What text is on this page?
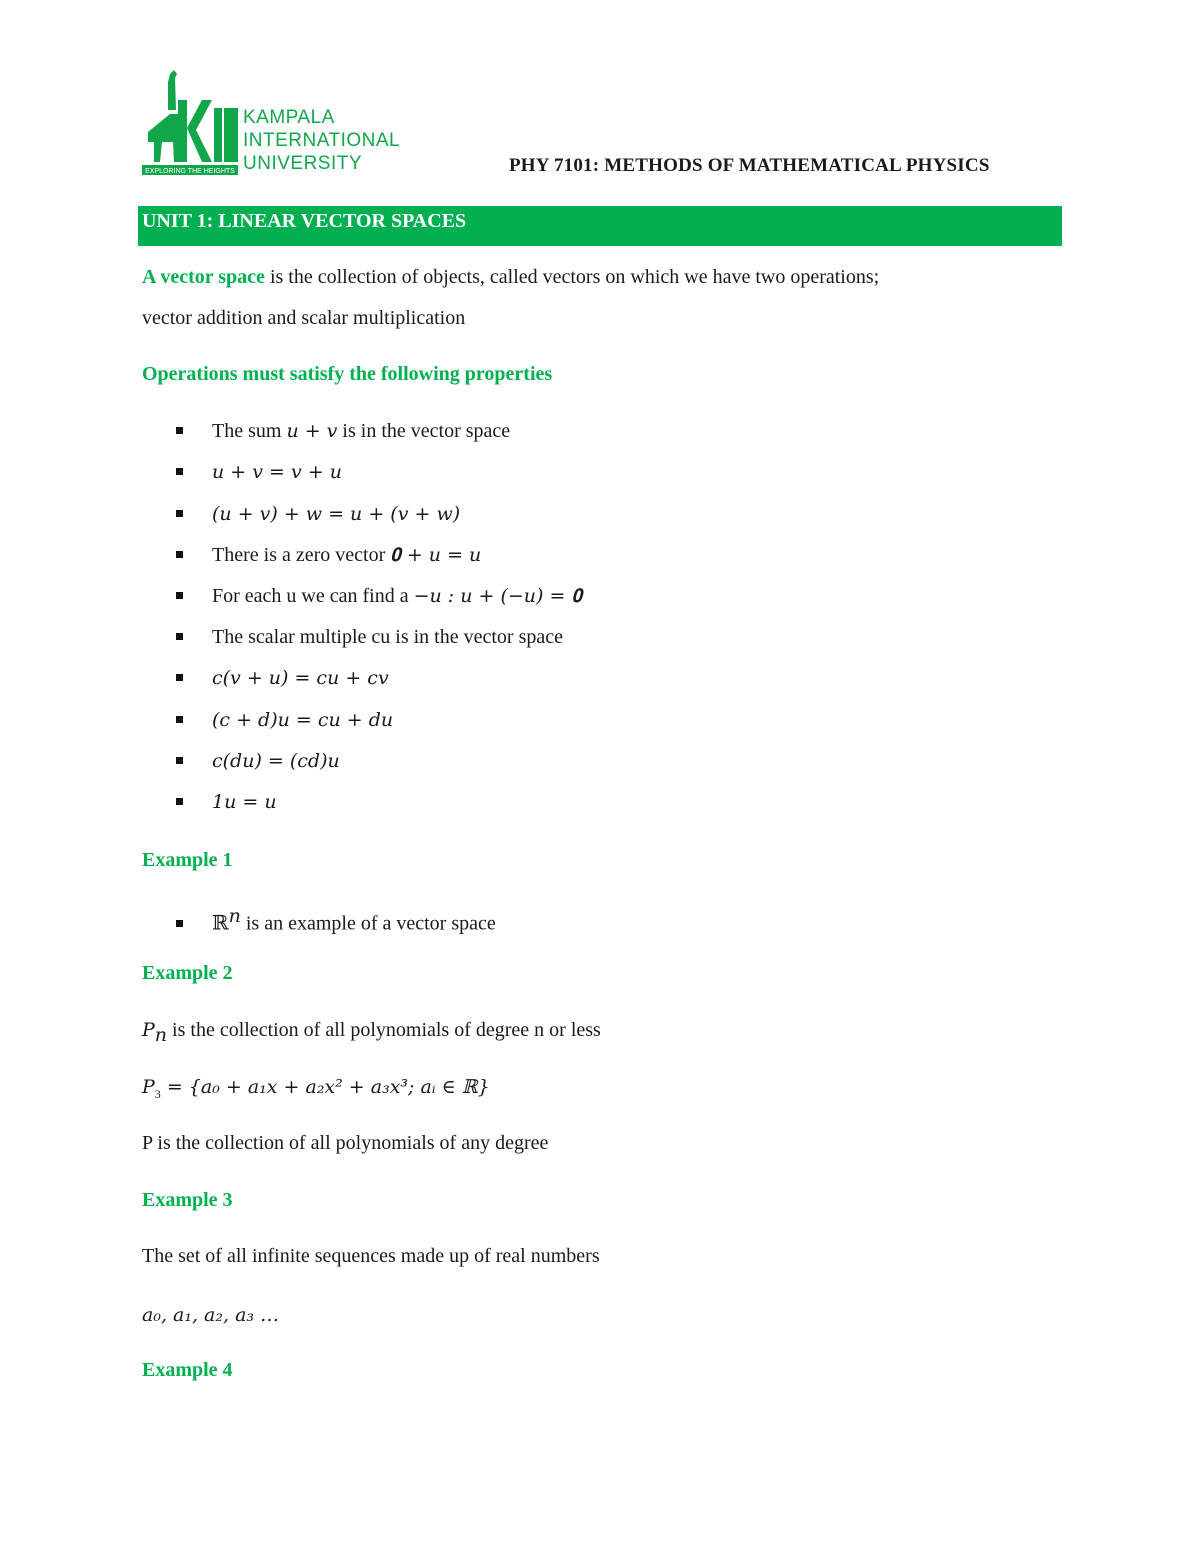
EXPLORING THE HEIGHTS
KAMPALA
INTERNATIONAL
UNIVERSITY	PHY 7101: METHODS OF MATHEMATICAL PHYSICS
UNIT 1: LINEAR VECTOR SPACES
A vector space is the collection of objects, called vectors on which we have two operations;
vector addition and scalar multiplication
Operations must satisfy the following properties
The sum u + v is in the vector space
u + v = v + u
(u + v) + w = u + (v + w)
There is a zero vector 𝟎 + u = u
For each u we can find a −u : u + (−u) = 𝟎
The scalar multiple cu is in the vector space
c(v + u) = cu + cv
(c + d)u = cu + du
c(du) = (cd)u
1u = u
Example 1
ℝ$^n$ is an example of a vector space
Example 2
$P_n$ is the collection of all polynomials of degree n or less
$P_3 = \{a_0 + a_1x + a_2x^2 + a_3x^3$; aᵢ ∈ ℝ}
P is the collection of all polynomials of any degree
Example 3
The set of all infinite sequences made up of real numbers
a₀, a₁, a₂, a₃ …
Example 4
